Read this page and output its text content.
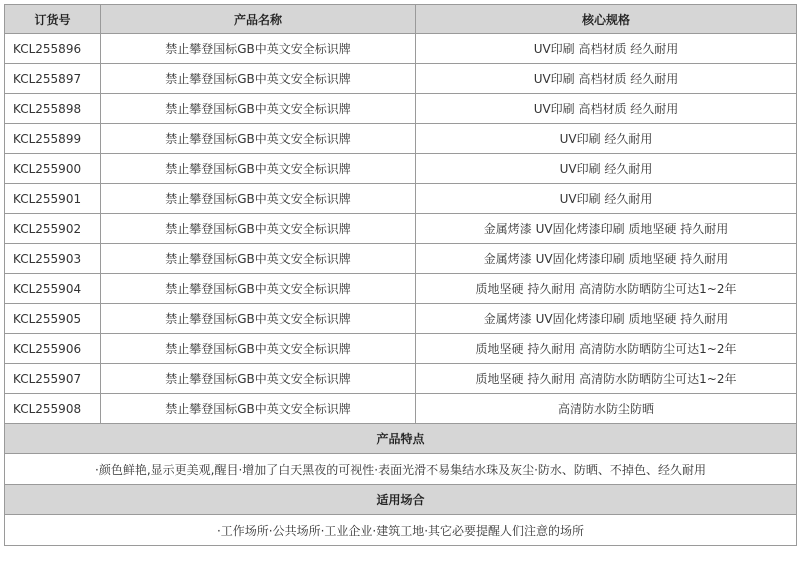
订货号	产品名称	核心规格
KCL255896	禁止攀登国标GB中英文安全标识牌	UV印刷 高档材质 经久耐用
KCL255897	禁止攀登国标GB中英文安全标识牌	UV印刷 高档材质 经久耐用
KCL255898	禁止攀登国标GB中英文安全标识牌	UV印刷 高档材质 经久耐用
KCL255899	禁止攀登国标GB中英文安全标识牌	UV印刷 经久耐用
KCL255900	禁止攀登国标GB中英文安全标识牌	UV印刷 经久耐用
KCL255901	禁止攀登国标GB中英文安全标识牌	UV印刷 经久耐用
KCL255902	禁止攀登国标GB中英文安全标识牌	金属烤漆 UV固化烤漆印刷 质地坚硬 持久耐用
KCL255903	禁止攀登国标GB中英文安全标识牌	金属烤漆 UV固化烤漆印刷 质地坚硬 持久耐用
KCL255904	禁止攀登国标GB中英文安全标识牌	质地坚硬 持久耐用 高清防水防晒防尘可达1~2年
KCL255905	禁止攀登国标GB中英文安全标识牌	金属烤漆 UV固化烤漆印刷 质地坚硬 持久耐用
KCL255906	禁止攀登国标GB中英文安全标识牌	质地坚硬 持久耐用 高清防水防晒防尘可达1~2年
KCL255907	禁止攀登国标GB中英文安全标识牌	质地坚硬 持久耐用 高清防水防晒防尘可达1~2年
KCL255908	禁止攀登国标GB中英文安全标识牌	高清防水防尘防晒
产品特点		
·颜色鲜艳,显示更美观,醒目·增加了白天黑夜的可视性·表面光滑不易集结水珠及灰尘·防水、防晒、不掉色、经久耐用		
适用场合		
·工作场所·公共场所·工业企业·建筑工地·其它必要提醒人们注意的场所		
